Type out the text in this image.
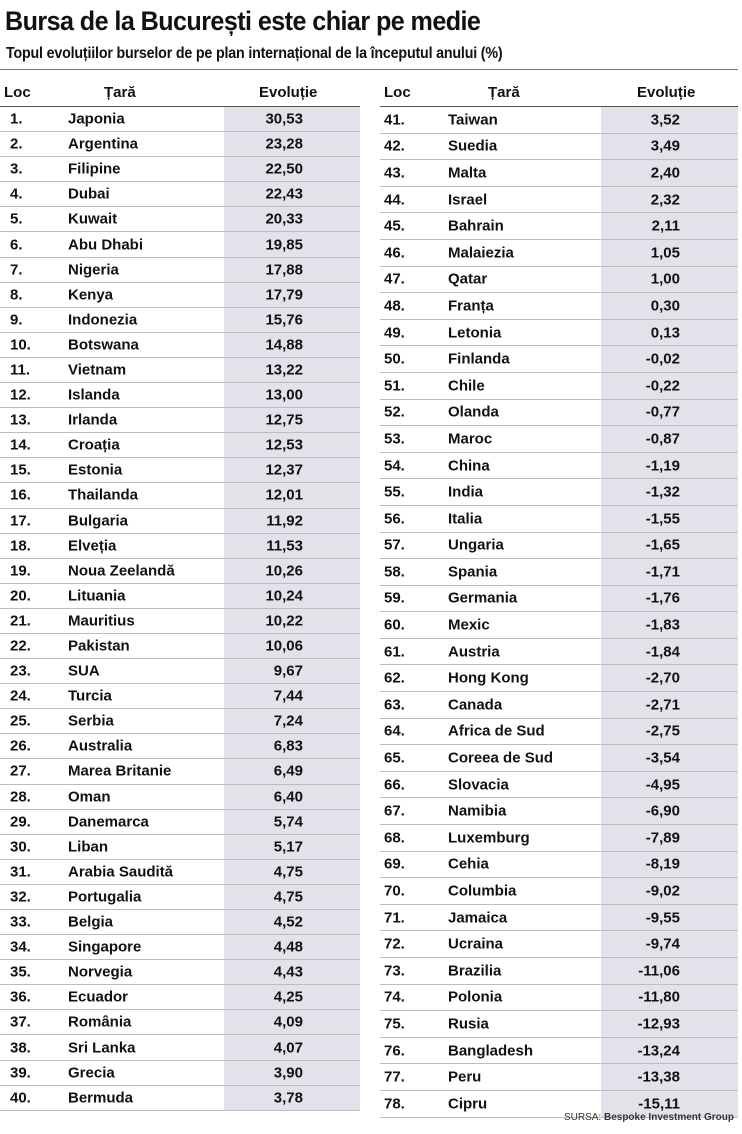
Bursa de la București este chiar pe medie
Topul evoluțiilor burselor de pe plan internațional de la începutul anului (%)
Loc	Țară	Evoluție
1.	Japonia	30,53
2.	Argentina	23,28
3.	Filipine	22,50
4.	Dubai	22,43
5.	Kuwait	20,33
6.	Abu Dhabi	19,85
7.	Nigeria	17,88
8.	Kenya	17,79
9.	Indonezia	15,76
10. Botswana	14,88
11.	Vietnam	13,22
12. Islanda	13,00
13. Irlanda	12,75
14. Croația	12,53
15. Estonia	12,37
16. Thailanda	12,01
17. Bulgaria	11,92
18. Elveția	11,53
19. Noua Zeelandă	10,26
20. Lituania	10,24
21. Mauritius	10,22
22. Pakistan	10,06
23. SUA	9,67
24. Turcia	7,44
25. Serbia	7,24
26. Australia	6,83
27. Marea Britanie	6,49
28. Oman	6,40
29. Danemarca	5,74
30. Liban	5,17
31. Arabia Saudită	4,75
32. Portugalia	4,75
33. Belgia	4,52
34. Singapore	4,48
35. Norvegia	4,43
36. Ecuador	4,25
37. România	4,09
38. Sri Lanka	4,07
39. Grecia	3,90
40. Bermuda	3,78
Loc	Țară	Evoluție
41.	Taiwan	3,52
42.	Suedia	3,49
43.	Malta	2,40
44.	Israel	2,32
45.	Bahrain	2,11
46.	Malaiezia	1,05
47.	Qatar	1,00
48.	Franța	0,30
49.	Letonia	0,13
50.	Finlanda	-0,02
51.	Chile	-0,22
52.	Olanda	-0,77
53.	Maroc	-0,87
54.	China	-1,19
55.	India	-1,32
56.	Italia	-1,55
57.	Ungaria	-1,65
58.	Spania	-1,71
59.	Germania	-1,76
60.	Mexic	-1,83
61.	Austria	-1,84
62.	Hong Kong	-2,70
63.	Canada	-2,71
64.	Africa de Sud	-2,75
65.	Coreea de Sud	-3,54
66.	Slovacia	-4,95
67.	Namibia	-6,90
68.	Luxemburg	-7,89
69.	Cehia	-8,19
70.	Columbia	-9,02
71.	Jamaica	-9,55
72.	Ucraina	-9,74
73.	Brazilia	-11,06
74.	Polonia	-11,80
75.	Rusia	-12,93
76.	Bangladesh	-13,24
77.	Peru	-13,38
78.	Cipru	-15,11
SURSA: Bespoke Investment Group
